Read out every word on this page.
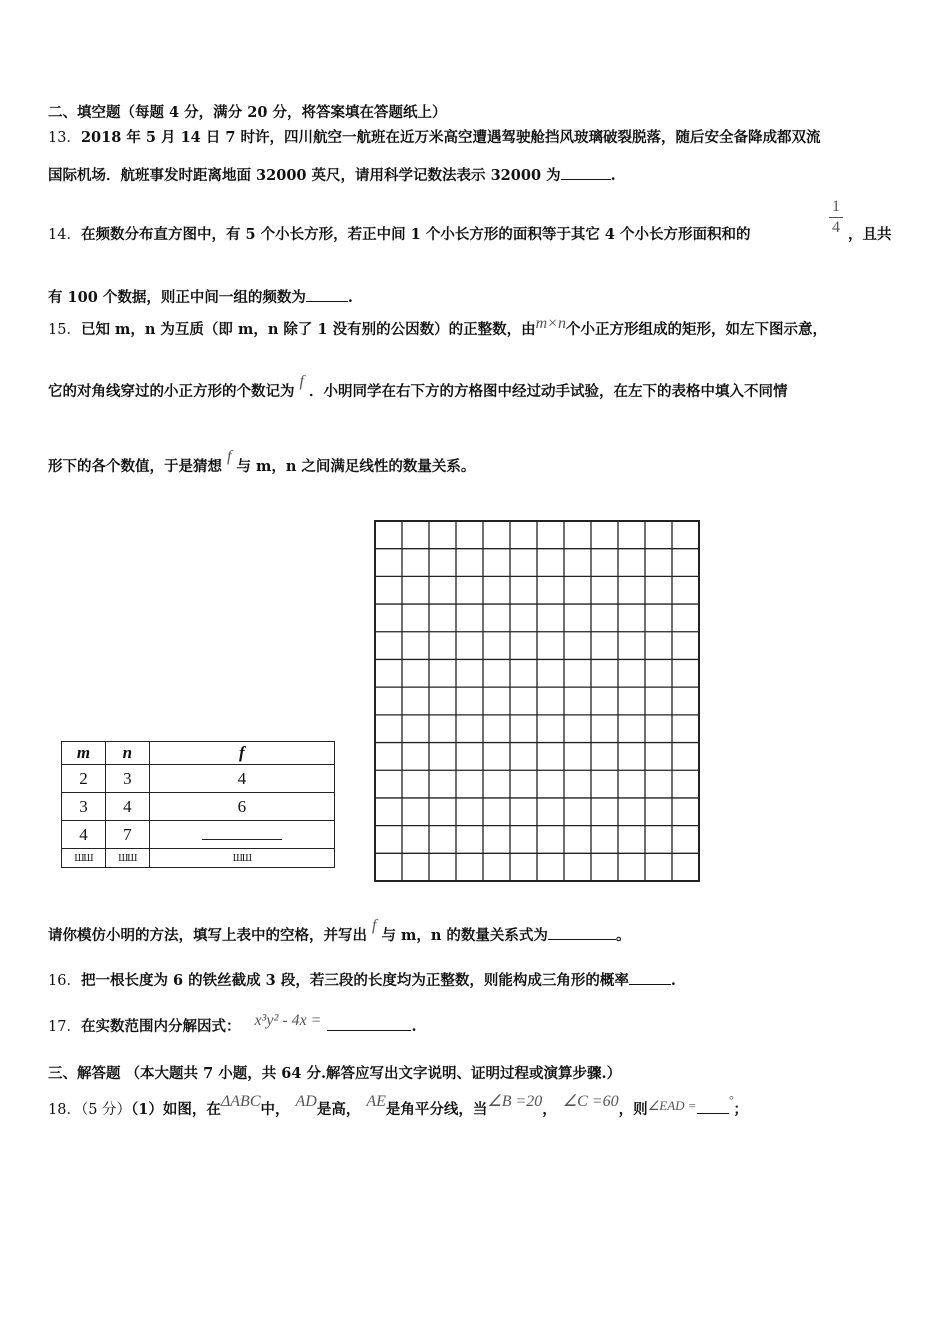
二、填空题（每题 4 分，满分 20 分，将答案填在答题纸上）
13．2018 年 5 月 14 日 7 时许，四川航空一航班在近万米高空遭遇驾驶舱挡风玻璃破裂脱落，随后安全备降成都双流
国际机场．航班事发时距离地面 32000 英尺，请用科学记数法表示 32000 为	.
14．在频数分布直方图中，有 5 个小长方形，若正中间 1 个小长方形的面积等于其它 4 个小长方形面积和的
1
4 ，且共
有 100 个数据，则正中间一组的频数为	.
15．已知 m，n 为互质（即 m，n 除了 1 没有别的公因数）的正整数，由m×n个小正方形组成的矩形，如左下图示意，
它的对角线穿过的小正方形的个数记为f．小明同学在右下方的方格图中经过动手试验，在左下的表格中填入不同情
形下的各个数值，于是猜想f与 m，n 之间满足线性的数量关系。
m	n	f
2	3	4
3	4	6
4	7	
ШШ	ШШ	ШШ
请你模仿小明的方法，填写上表中的空格，并写出f与 m，n 的数量关系式为	。
16．把一根长度为 6 的铁丝截成 3 段，若三段的长度均为正整数，则能构成三角形的概率	.
17．在实数范围内分解因式： x³y² - 4x =	.
三、解答题 （本大题共 7 小题，共 64 分.解答应写出文字说明、证明过程或演算步骤.）
18．（5 分）（1）如图，在ΔABC中， AD是高， AE是角平分线，当∠B =20， ∠C =60，则∠EAD =	°；
